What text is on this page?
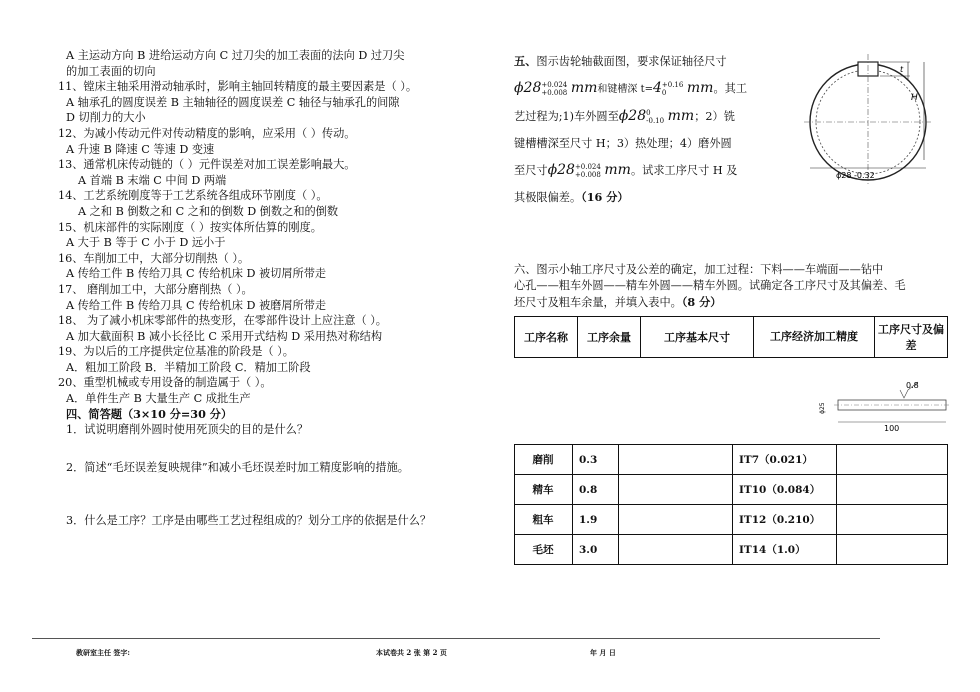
A 主运动方向 B 进给运动方向 C 过刀尖的加工表面的法向 D 过刀尖

的加工表面的切向

11、镗床主轴采用滑动轴承时，影响主轴回转精度的最主要因素是（ ）。

A 轴承孔的圆度误差 B 主轴轴径的圆度误差 C 轴径与轴承孔的间隙

D 切削力的大小

12、为减小传动元件对传动精度的影响，应采用（ ）传动。

A 升速 B 降速 C 等速 D 变速

13、通常机床传动链的（ ）元件误差对加工误差影响最大。

A 首端 B 末端 C 中间 D 两端

14、工艺系统刚度等于工艺系统各组成环节刚度（ ）。

A 之和 B 倒数之和 C 之和的倒数 D 倒数之和的倒数

15、机床部件的实际刚度（ ）按实体所估算的刚度。

A 大于 B 等于 C 小于 D 远小于

16、车削加工中，大部分切削热（ ）。

A 传给工件 B 传给刀具 C 传给机床 D 被切屑所带走

17、 磨削加工中，大部分磨削热（ ）。

A 传给工件 B 传给刀具 C 传给机床 D 被磨屑所带走

18、 为了减小机床零部件的热变形，在零部件设计上应注意（ ）。

A 加大截面积 B 减小长径比 C 采用开式结构 D 采用热对称结构

19、为以后的工序提供定位基准的阶段是（ ）。

A．粗加工阶段 B．半精加工阶段 C．精加工阶段

20、重型机械或专用设备的制造属于（ ）。

A．单件生产 B 大量生产 C 成批生产

四、简答题（3×10 分=30 分）

1．试说明磨削外圆时使用死顶尖的目的是什么？

2．简述“毛坯误差复映规律”和减小毛坯误差时加工精度影响的措施。

3．什么是工序？工序是由哪些工艺过程组成的？划分工序的依据是什么？

五、图示齿轮轴截面图，要求保证轴径尺寸

ϕ28+0.024
+0.008 mm和键槽深 t=4+0.16
0 mm。其工

艺过程为;1)车外圆至ϕ280
-0.10 mm；2）铣

键槽槽深至尺寸 H；3）热处理；4）磨外圆

至尺寸ϕ28+0.024
+0.008 mm。试求工序尺寸 H 及

其极限偏差。（16 分）

ϕ28 -0.32
H
t

六、图示小轴工序尺寸及公差的确定，加工过程：下料——车端面——钻中

心孔——粗车外圆——精车外圆——精车外圆。试确定各工序尺寸及其偏差、毛

坯尺寸及粗车余量，并填入表中。（8 分）

工序名称	工序余量	工序基本尺寸	工序经济加工精度	工序尺寸及偏差
0.8
100
ϕ25
磨削	0.3		IT7（0.021）	
精车	0.8		IT10（0.084）	
粗车	1.9		IT12（0.210）	
毛坯	3.0		IT14（1.0）	
教研室主任 签字:	本试卷共 2 张 第 2 页	年 月 日
